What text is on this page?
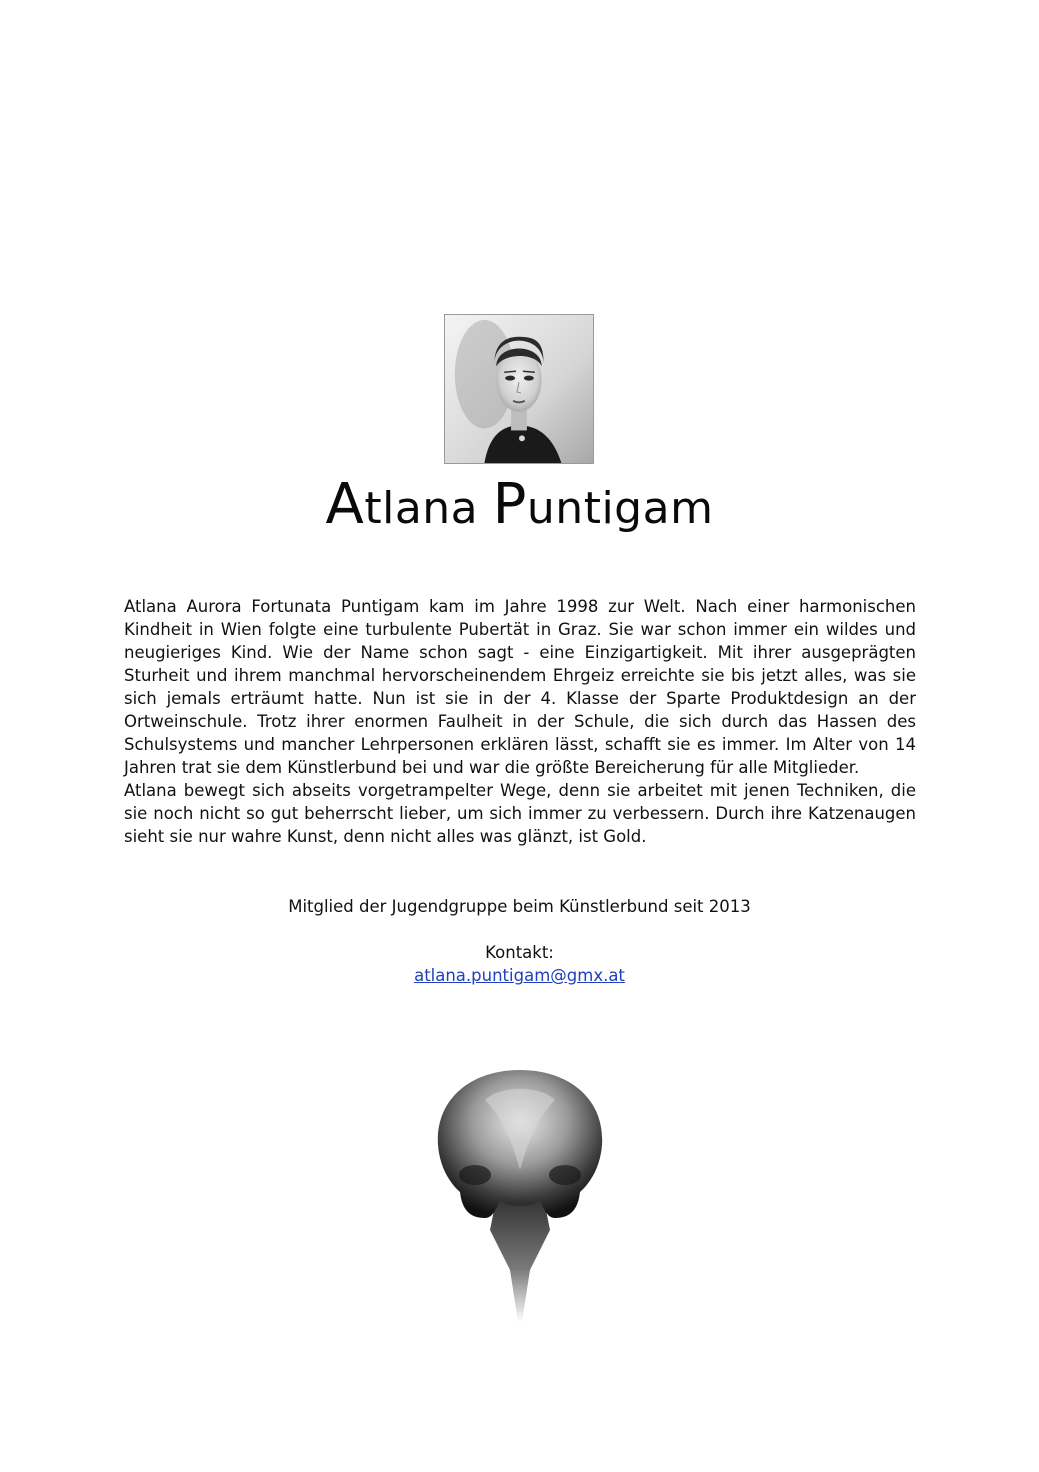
Atlana Puntigam

Atlana Aurora Fortunata Puntigam kam im Jahre 1998 zur Welt. Nach einer harmonischen Kindheit in Wien folgte eine turbulente Pubertät in Graz. Sie war schon immer ein wildes und neugieriges Kind. Wie der Name schon sagt - eine Einzigartigkeit. Mit ihrer ausgeprägten Sturheit und ihrem manchmal hervorscheinendem Ehrgeiz erreichte sie bis jetzt alles, was sie sich jemals erträumt hatte. Nun ist sie in der 4. Klasse der Sparte Produktdesign an der Ortweinschule. Trotz ihrer enormen Faulheit in der Schule, die sich durch das Hassen des Schulsystems und mancher Lehrpersonen erklären lässt, schafft sie es immer. Im Alter von 14 Jahren trat sie dem Künstlerbund bei und war die größte Bereicherung für alle Mitglieder.

Atlana bewegt sich abseits vorgetrampelter Wege, denn sie arbeitet mit jenen Techniken, die sie noch nicht so gut beherrscht lieber, um sich immer zu verbessern. Durch ihre Katzenaugen sieht sie nur wahre Kunst, denn nicht alles was glänzt, ist Gold.

Mitglied der Jugendgruppe beim Künstlerbund seit 2013
Kontakt:
atlana.puntigam@gmx.at
